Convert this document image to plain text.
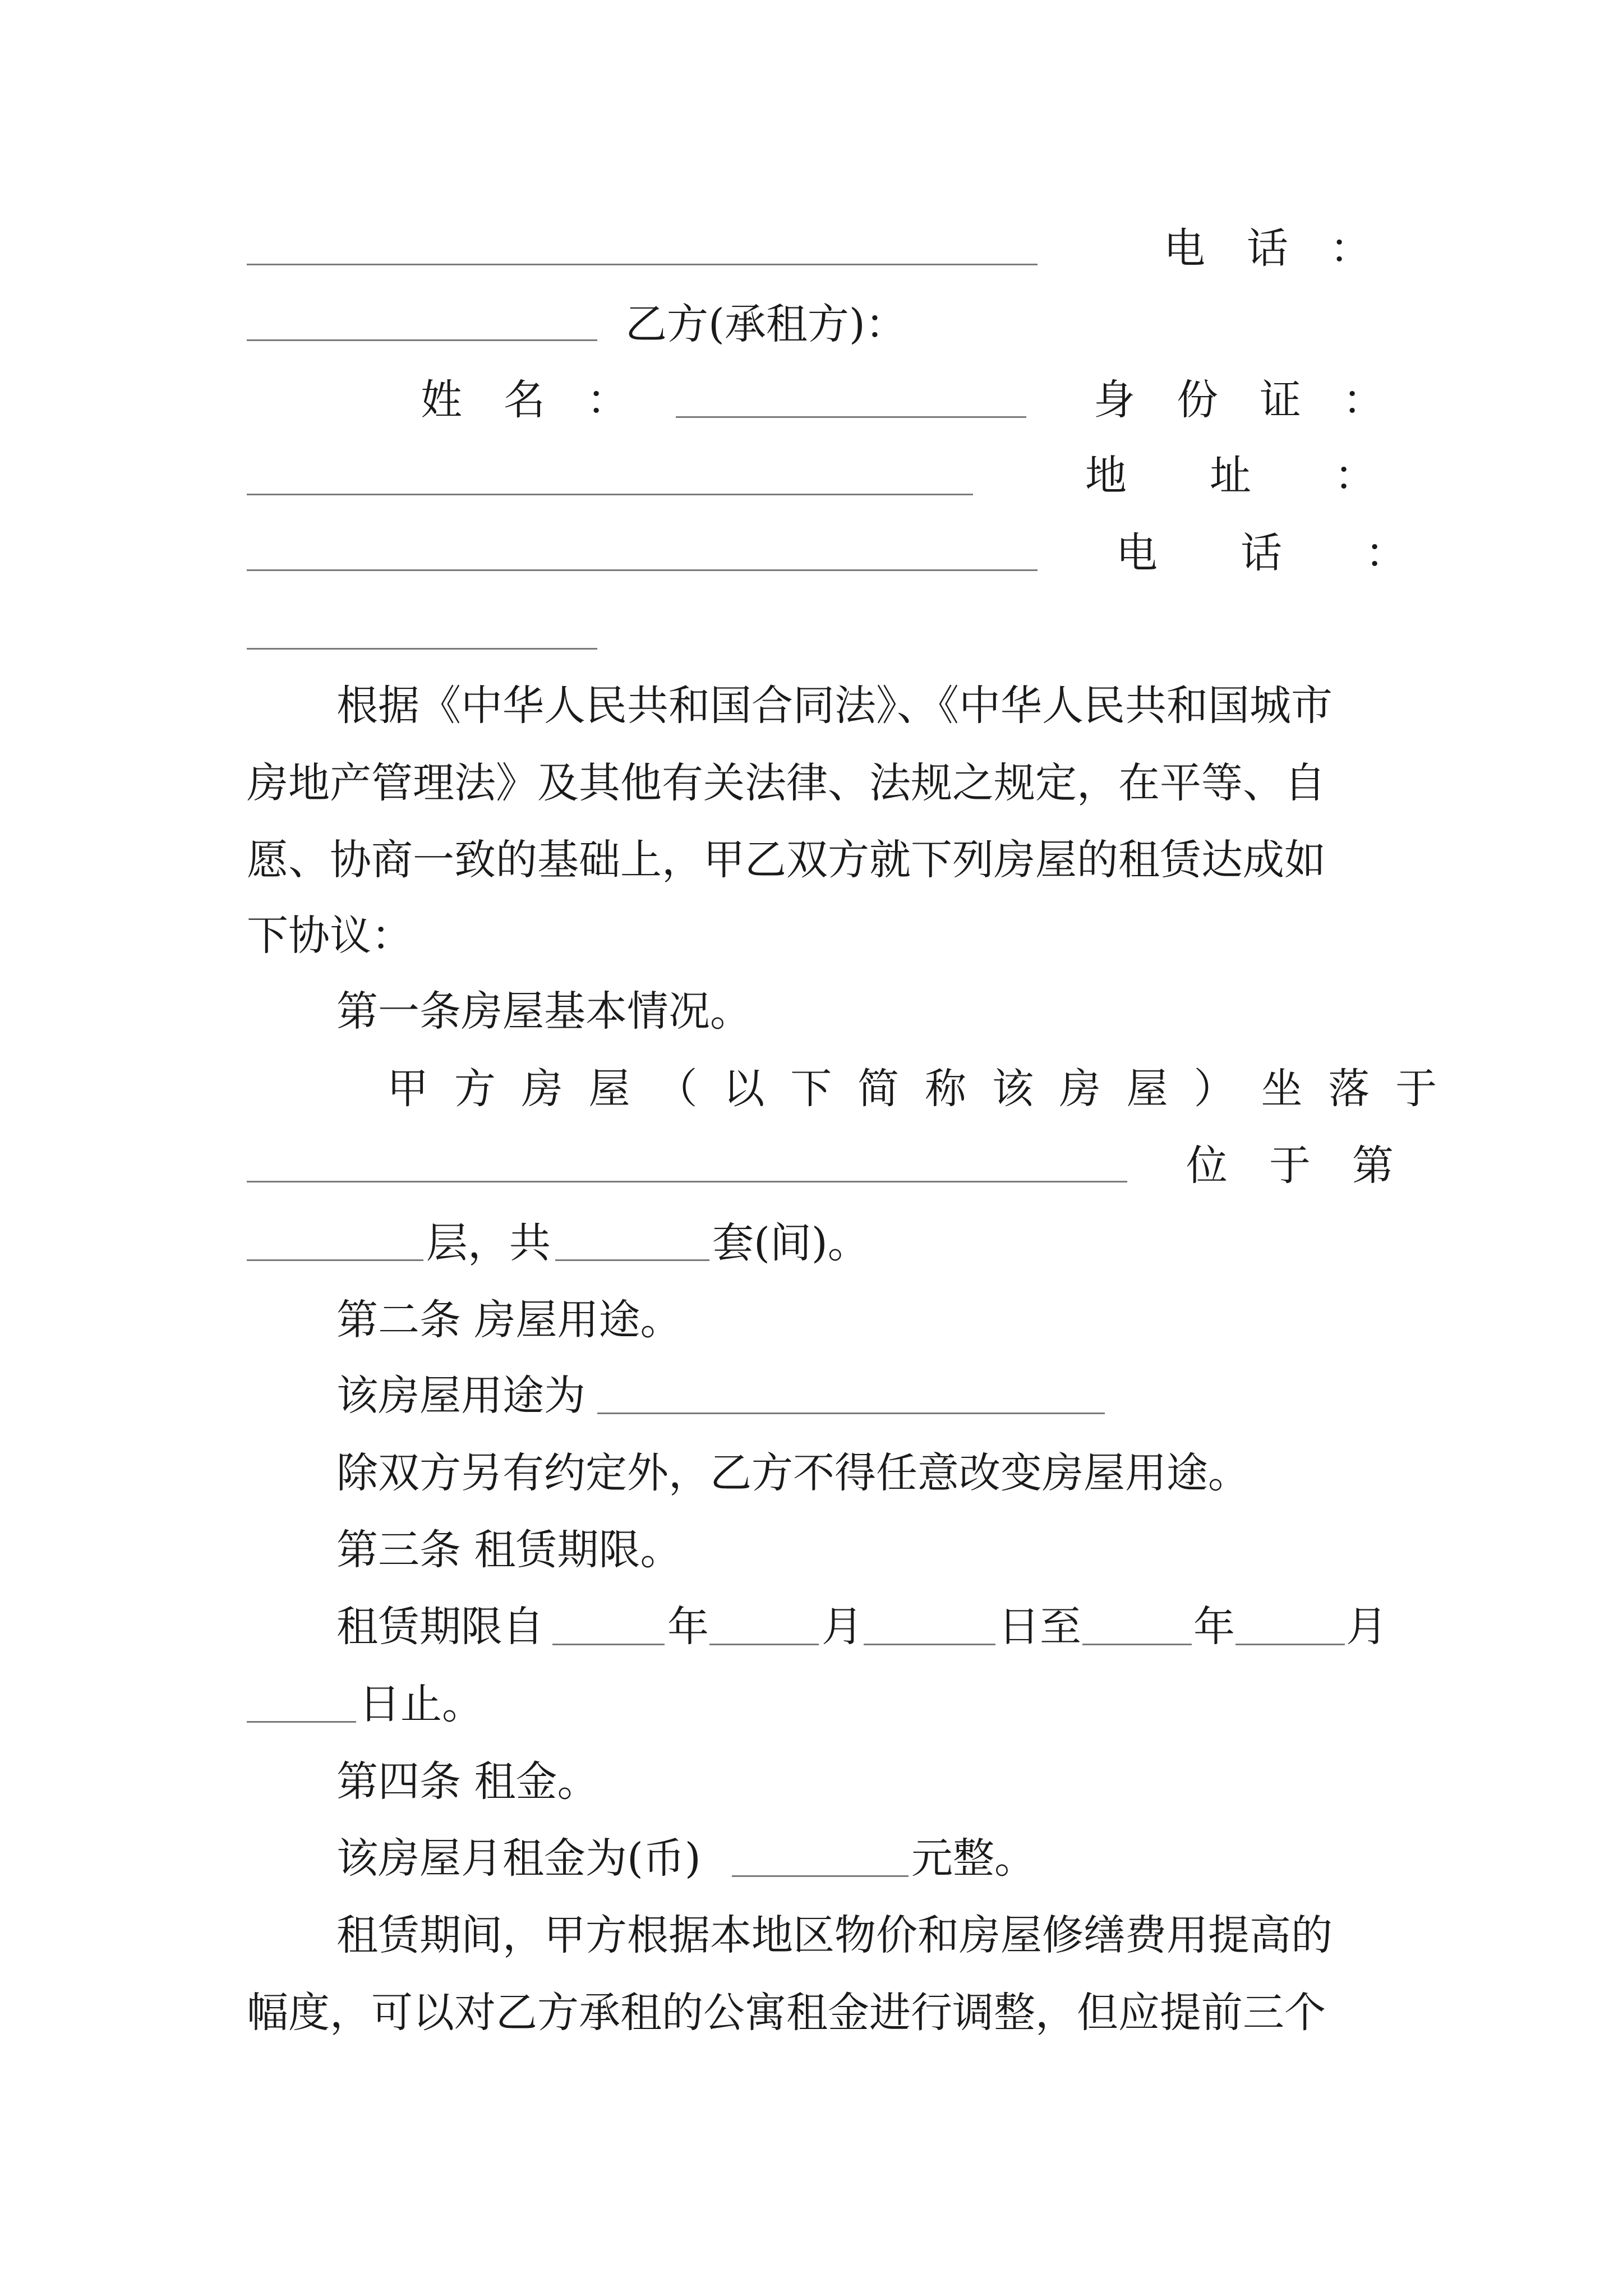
电　话　：
乙方(承租方)：
姓　名　：	身　份　证　：
地　　址　　：
电　　话　　：
根据《中华人民共和国合同法》、《中华人民共和国城市
房地产管理法》及其他有关法律、法规之规定，在平等、自
愿、协商一致的基础上，甲乙双方就下列房屋的租赁达成如
下协议：
第一条房屋基本情况。
甲方房屋（以下简称该房屋）坐落于
位　于　第
层，共	套(间)。
第二条 房屋用途。
该房屋用途为
除双方另有约定外，乙方不得任意改变房屋用途。
第三条 租赁期限。
租赁期限自	年	月	日至	年	月
日止。
第四条 租金。
该房屋月租金为(币)	元整。
租赁期间，甲方根据本地区物价和房屋修缮费用提高的
幅度，可以对乙方承租的公寓租金进行调整，但应提前三个
